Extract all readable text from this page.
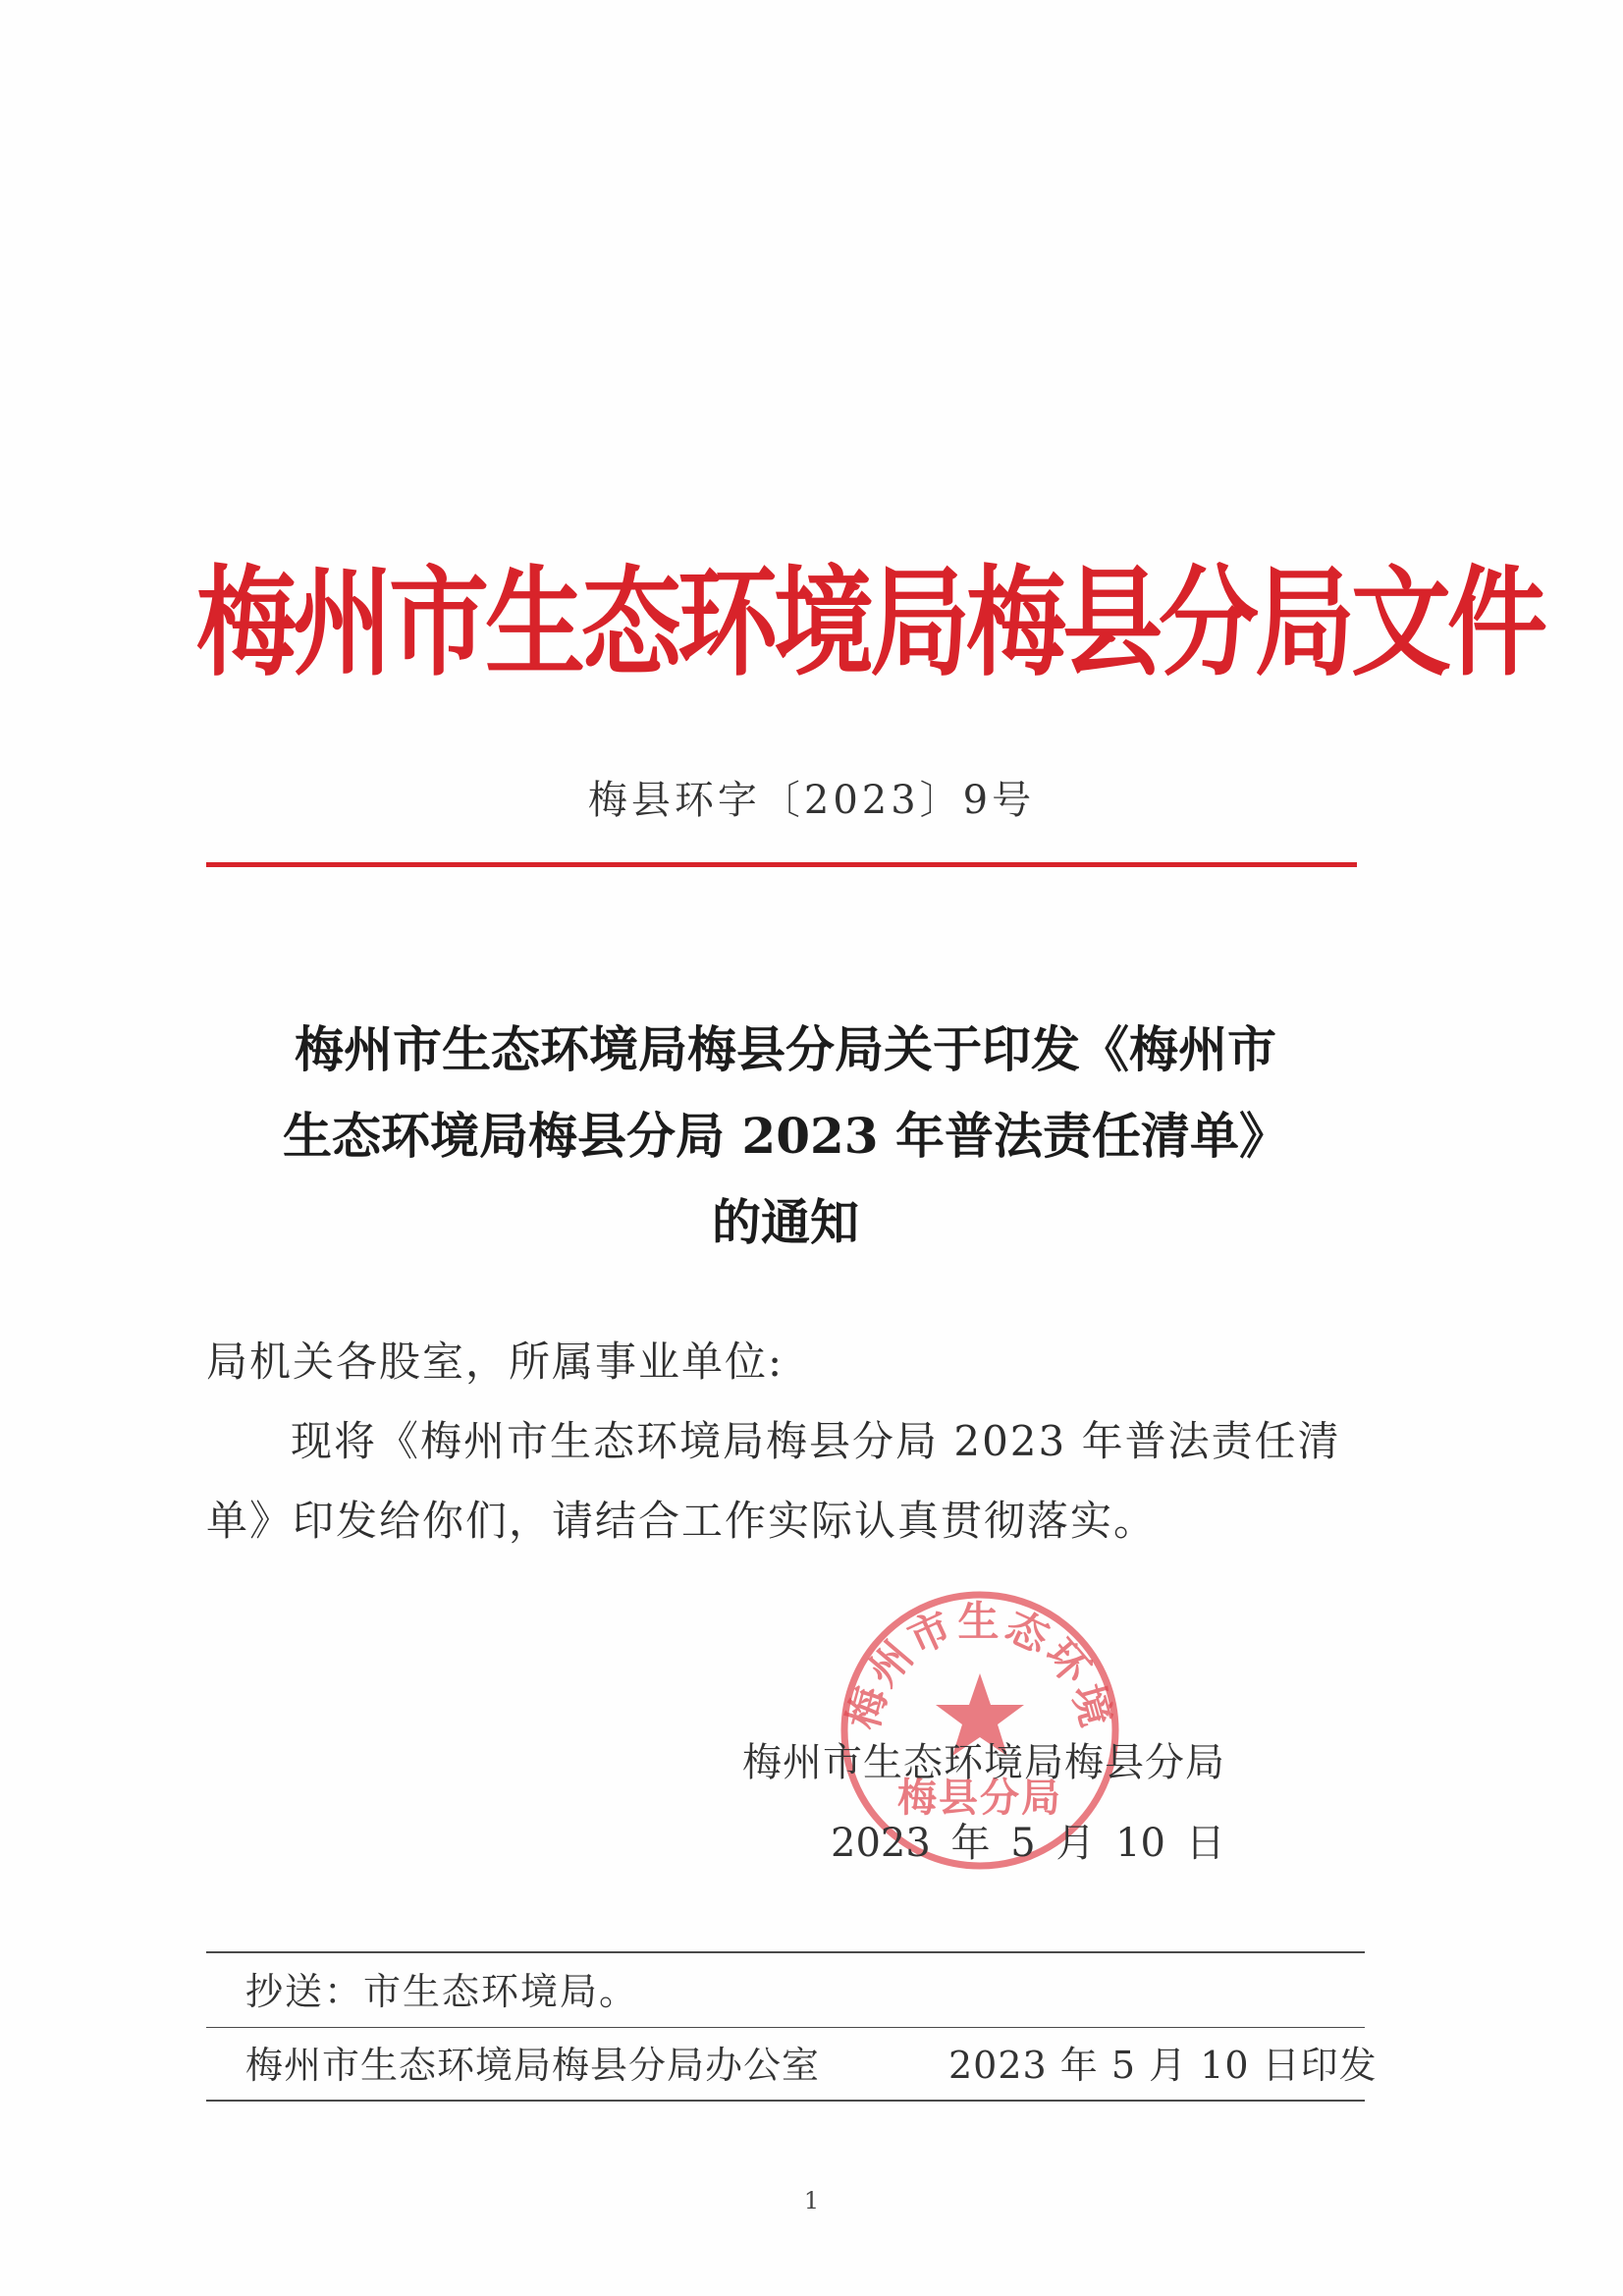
梅州市生态环境局梅县分局文件
梅县环字〔2023〕9号
梅州市生态环境局梅县分局关于印发《梅州市
生态环境局梅县分局 2023 年普法责任清单》
的通知
局机关各股室，所属事业单位:
现将《梅州市生态环境局梅县分局 2023 年普法责任清
单》印发给你们，请结合工作实际认真贯彻落实。
梅州市生态环境
梅县分局
梅州市生态环境局梅县分局
2023 年 5 月 10 日
抄送：市生态环境局。
梅州市生态环境局梅县分局办公室	2023 年 5 月 10 日印发
1
